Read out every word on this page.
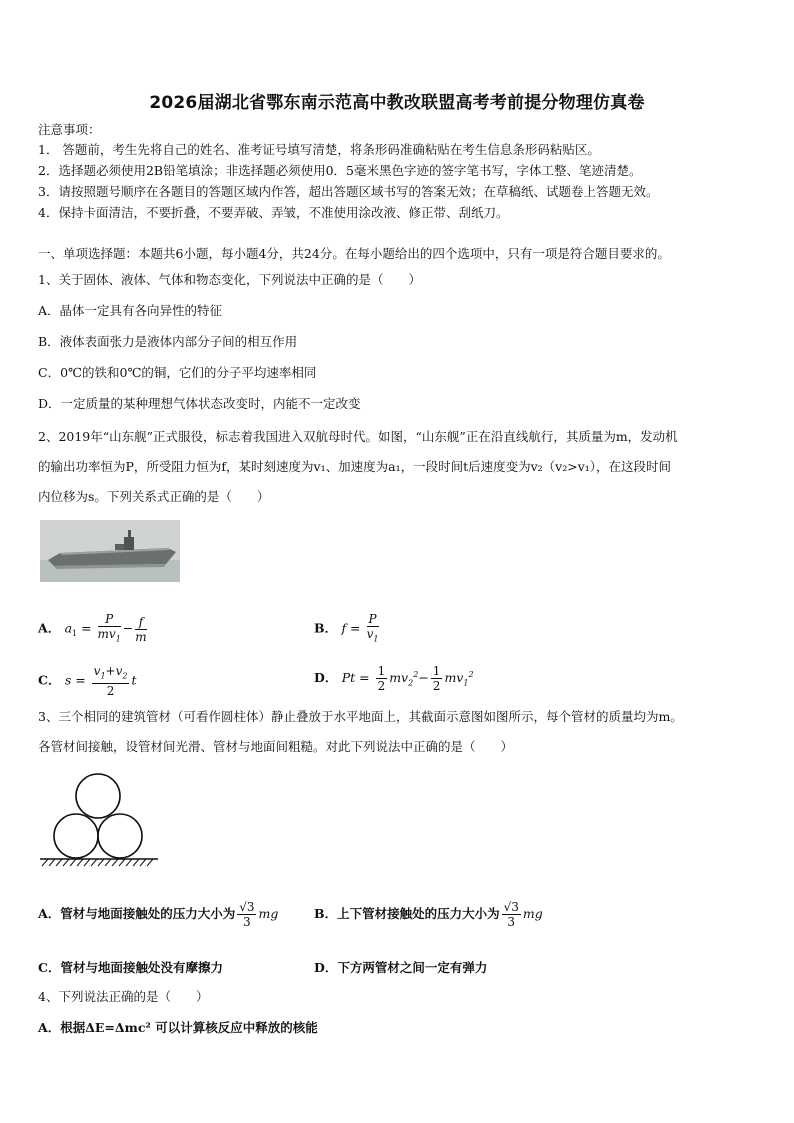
2026届湖北省鄂东南示范高中教改联盟高考考前提分物理仿真卷
注意事项：
1． 答题前，考生先将自己的姓名、准考证号填写清楚，将条形码准确粘贴在考生信息条形码粘贴区。
2．选择题必须使用2B铅笔填涂；非选择题必须使用0．5毫米黑色字迹的签字笔书写，字体工整、笔迹清楚。
3．请按照题号顺序在各题目的答题区域内作答，超出答题区域书写的答案无效；在草稿纸、试题卷上答题无效。
4．保持卡面清洁，不要折叠，不要弄破、弄皱，不准使用涂改液、修正带、刮纸刀。
一、单项选择题：本题共6小题，每小题4分，共24分。在每小题给出的四个选项中，只有一项是符合题目要求的。
1、关于固体、液体、气体和物态变化，下列说法中正确的是（　　）
A．晶体一定具有各向异性的特征
B．液体表面张力是液体内部分子间的相互作用
C．0℃的铁和0℃的铜，它们的分子平均速率相同
D．一定质量的某种理想气体状态改变时，内能不一定改变
2、2019年“山东舰”正式服役，标志着我国进入双航母时代。如图，“山东舰”正在沿直线航行，其质量为m，发动机
的输出功率恒为P，所受阻力恒为f，某时刻速度为v₁、加速度为a₁，一段时间t后速度变为v₂（v₂>v₁），在这段时间
内位移为s。下列关系式正确的是（　　）
A． $a_1 = \frac{P}{mv_1} - \frac{f}{m}$	B． $f = \frac{P}{v_1}$
C． $s = \frac{v_1+v_2}{2}$ t	D． $Pt = \frac{1}{2} mv_2^2- \frac{1}{2} mv_1^2$
3、三个相同的建筑管材（可看作圆柱体）静止叠放于水平地面上，其截面示意图如图所示，每个管材的质量均为m。
各管材间接触，设管材间光滑、管材与地面间粗糙。对此下列说法中正确的是（　　）
A．管材与地面接触处的压力大小为 $\frac{√3}{3}$ mg	B．上下管材接触处的压力大小为 $\frac{√3}{3}$ mg
C．管材与地面接触处没有摩擦力	D．下方两管材之间一定有弹力
4、下列说法正确的是（　　）
A．根据ΔE=Δmc² 可以计算核反应中释放的核能
